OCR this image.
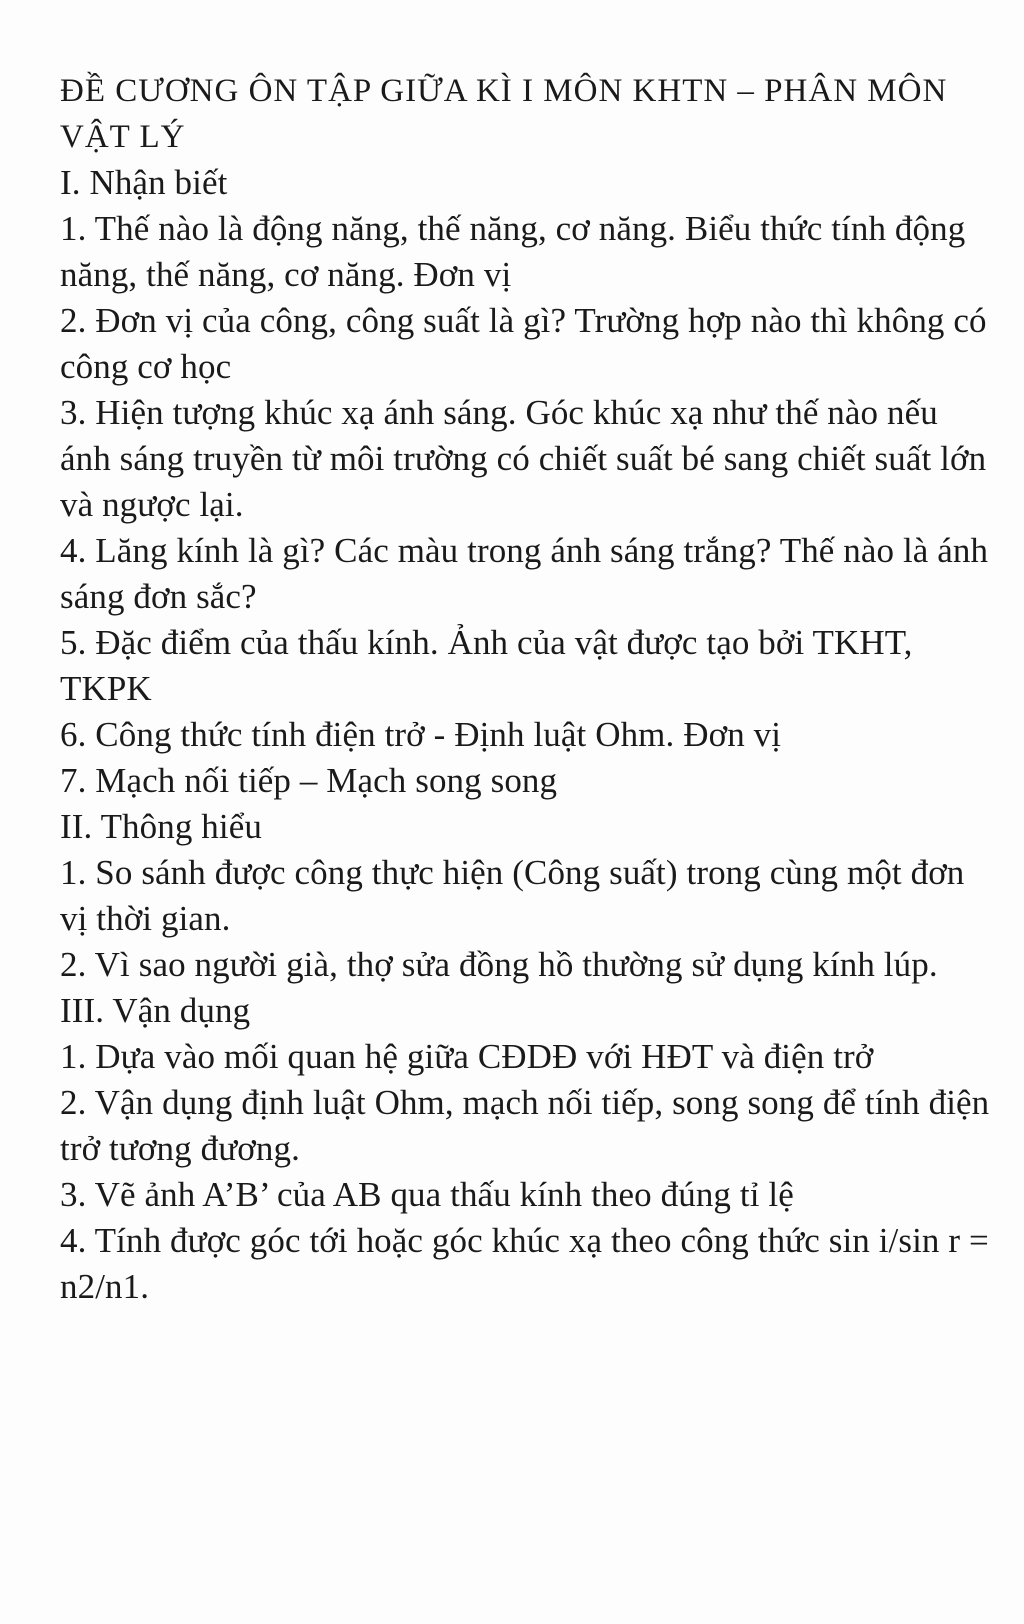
ĐỀ CƯƠNG ÔN TẬP GIỮA KÌ I MÔN KHTN – PHÂN MÔN VẬT LÝ

I. Nhận biết

1. Thế nào là động năng, thế năng, cơ năng. Biểu thức tính động năng, thế năng, cơ năng. Đơn vị

2. Đơn vị của công, công suất là gì? Trường hợp nào thì không có công cơ học

3. Hiện tượng khúc xạ ánh sáng. Góc khúc xạ như thế nào nếu ánh sáng truyền từ môi trường có chiết suất bé sang chiết suất lớn và ngược lại.

4. Lăng kính là gì? Các màu trong ánh sáng trắng? Thế nào là ánh sáng đơn sắc?

5. Đặc điểm của thấu kính. Ảnh của vật được tạo bởi TKHT, TKPK

6. Công thức tính điện trở - Định luật Ohm. Đơn vị

7. Mạch nối tiếp – Mạch song song

II. Thông hiểu

1. So sánh được công thực hiện (Công suất) trong cùng một đơn vị thời gian.

2. Vì sao người già, thợ sửa đồng hồ thường sử dụng kính lúp.

III. Vận dụng

1. Dựa vào mối quan hệ giữa CĐDĐ với HĐT và điện trở

2. Vận dụng định luật Ohm, mạch nối tiếp, song song để tính điện trở tương đương.

3. Vẽ ảnh A’B’ của AB qua thấu kính theo đúng tỉ lệ

4. Tính được góc tới hoặc góc khúc xạ theo công thức sin i/sin r = n2/n1.
